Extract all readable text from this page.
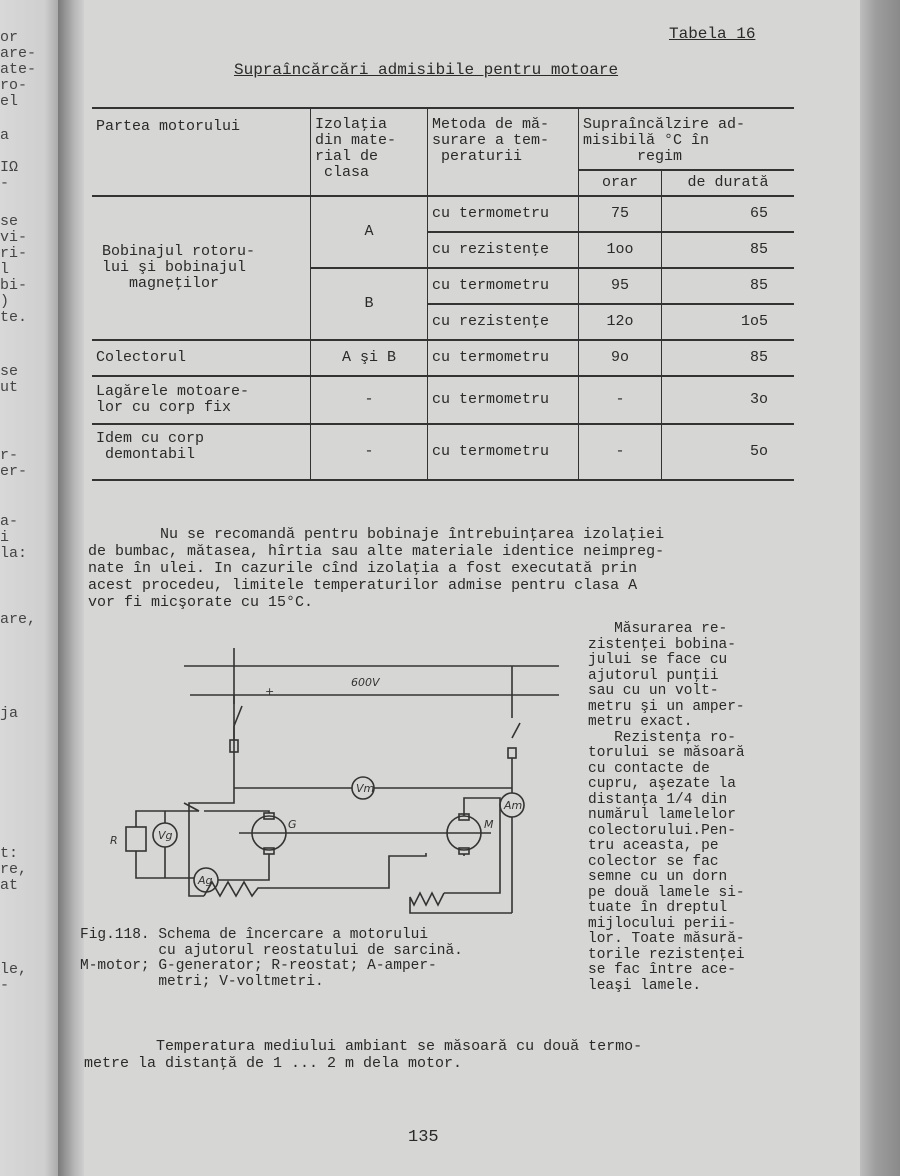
or
are-
ate-
ro-
el
a
IΩ
-
se
vi-
ri-
l
bi-
)
te.
se
ut
r-
er-
a-
i
la:
are,
ja
t:
re,
at
le,
-
Tabela 16
Supraîncărcări admisibile pentru motoare
Partea motorului	Izolaţia
din mate-
rial de
clasa	Metoda de mă-
surare a tem-
peraturii	Supraîncălzire ad-
misibilă °C în
regim	
			orar	de durată
Bobinajul rotoru-
lui şi bobinajul
magneţilor	A	cu termometru	75	65
		cu rezistenţe	1oo	85
	B	cu termometru	95	85
		cu rezistenţe	12o	1o5
Colectorul	A şi B	cu termometru	9o	85
Lagărele motoare-
lor cu corp fix	-	cu termometru	-	3o
Idem cu corp
demontabil	-	cu termometru	-	5o
Nu se recomandă pentru bobinaje întrebuinţarea izolaţiei
de bumbac, mătasea, hîrtia sau alte materiale identice neimpreg-
nate în ulei. In cazurile cînd izolaţia a fost executată prin
acest procedeu, limitele temperaturilor admise pentru clasa A
vor fi micşorate cu 15°C.
600V
+
Vm
Am
R	Vg
Ag
G	M
Măsurarea re-
zistenţei bobina-
jului se face cu
ajutorul punţii
sau cu un volt-
metru şi un amper-
metru exact.
Rezistenţa ro-
torului se măsoară
cu contacte de
cupru, aşezate la
distanţa 1/4 din
numărul lamelelor
colectorului.Pen-
tru aceasta, pe
colector se fac
semne cu un dorn
pe două lamele si-
tuate în dreptul
mijlocului perii-
lor. Toate măsură-
torile rezistenţei
se fac între ace-
leaşi lamele.
Fig.118. Schema de încercare a motorului
cu ajutorul reostatului de sarcină.
M-motor; G-generator; R-reostat; A-amper-
metri; V-voltmetri.
Temperatura mediului ambiant se măsoară cu două termo-
metre la distanţă de 1 ... 2 m dela motor.
135
